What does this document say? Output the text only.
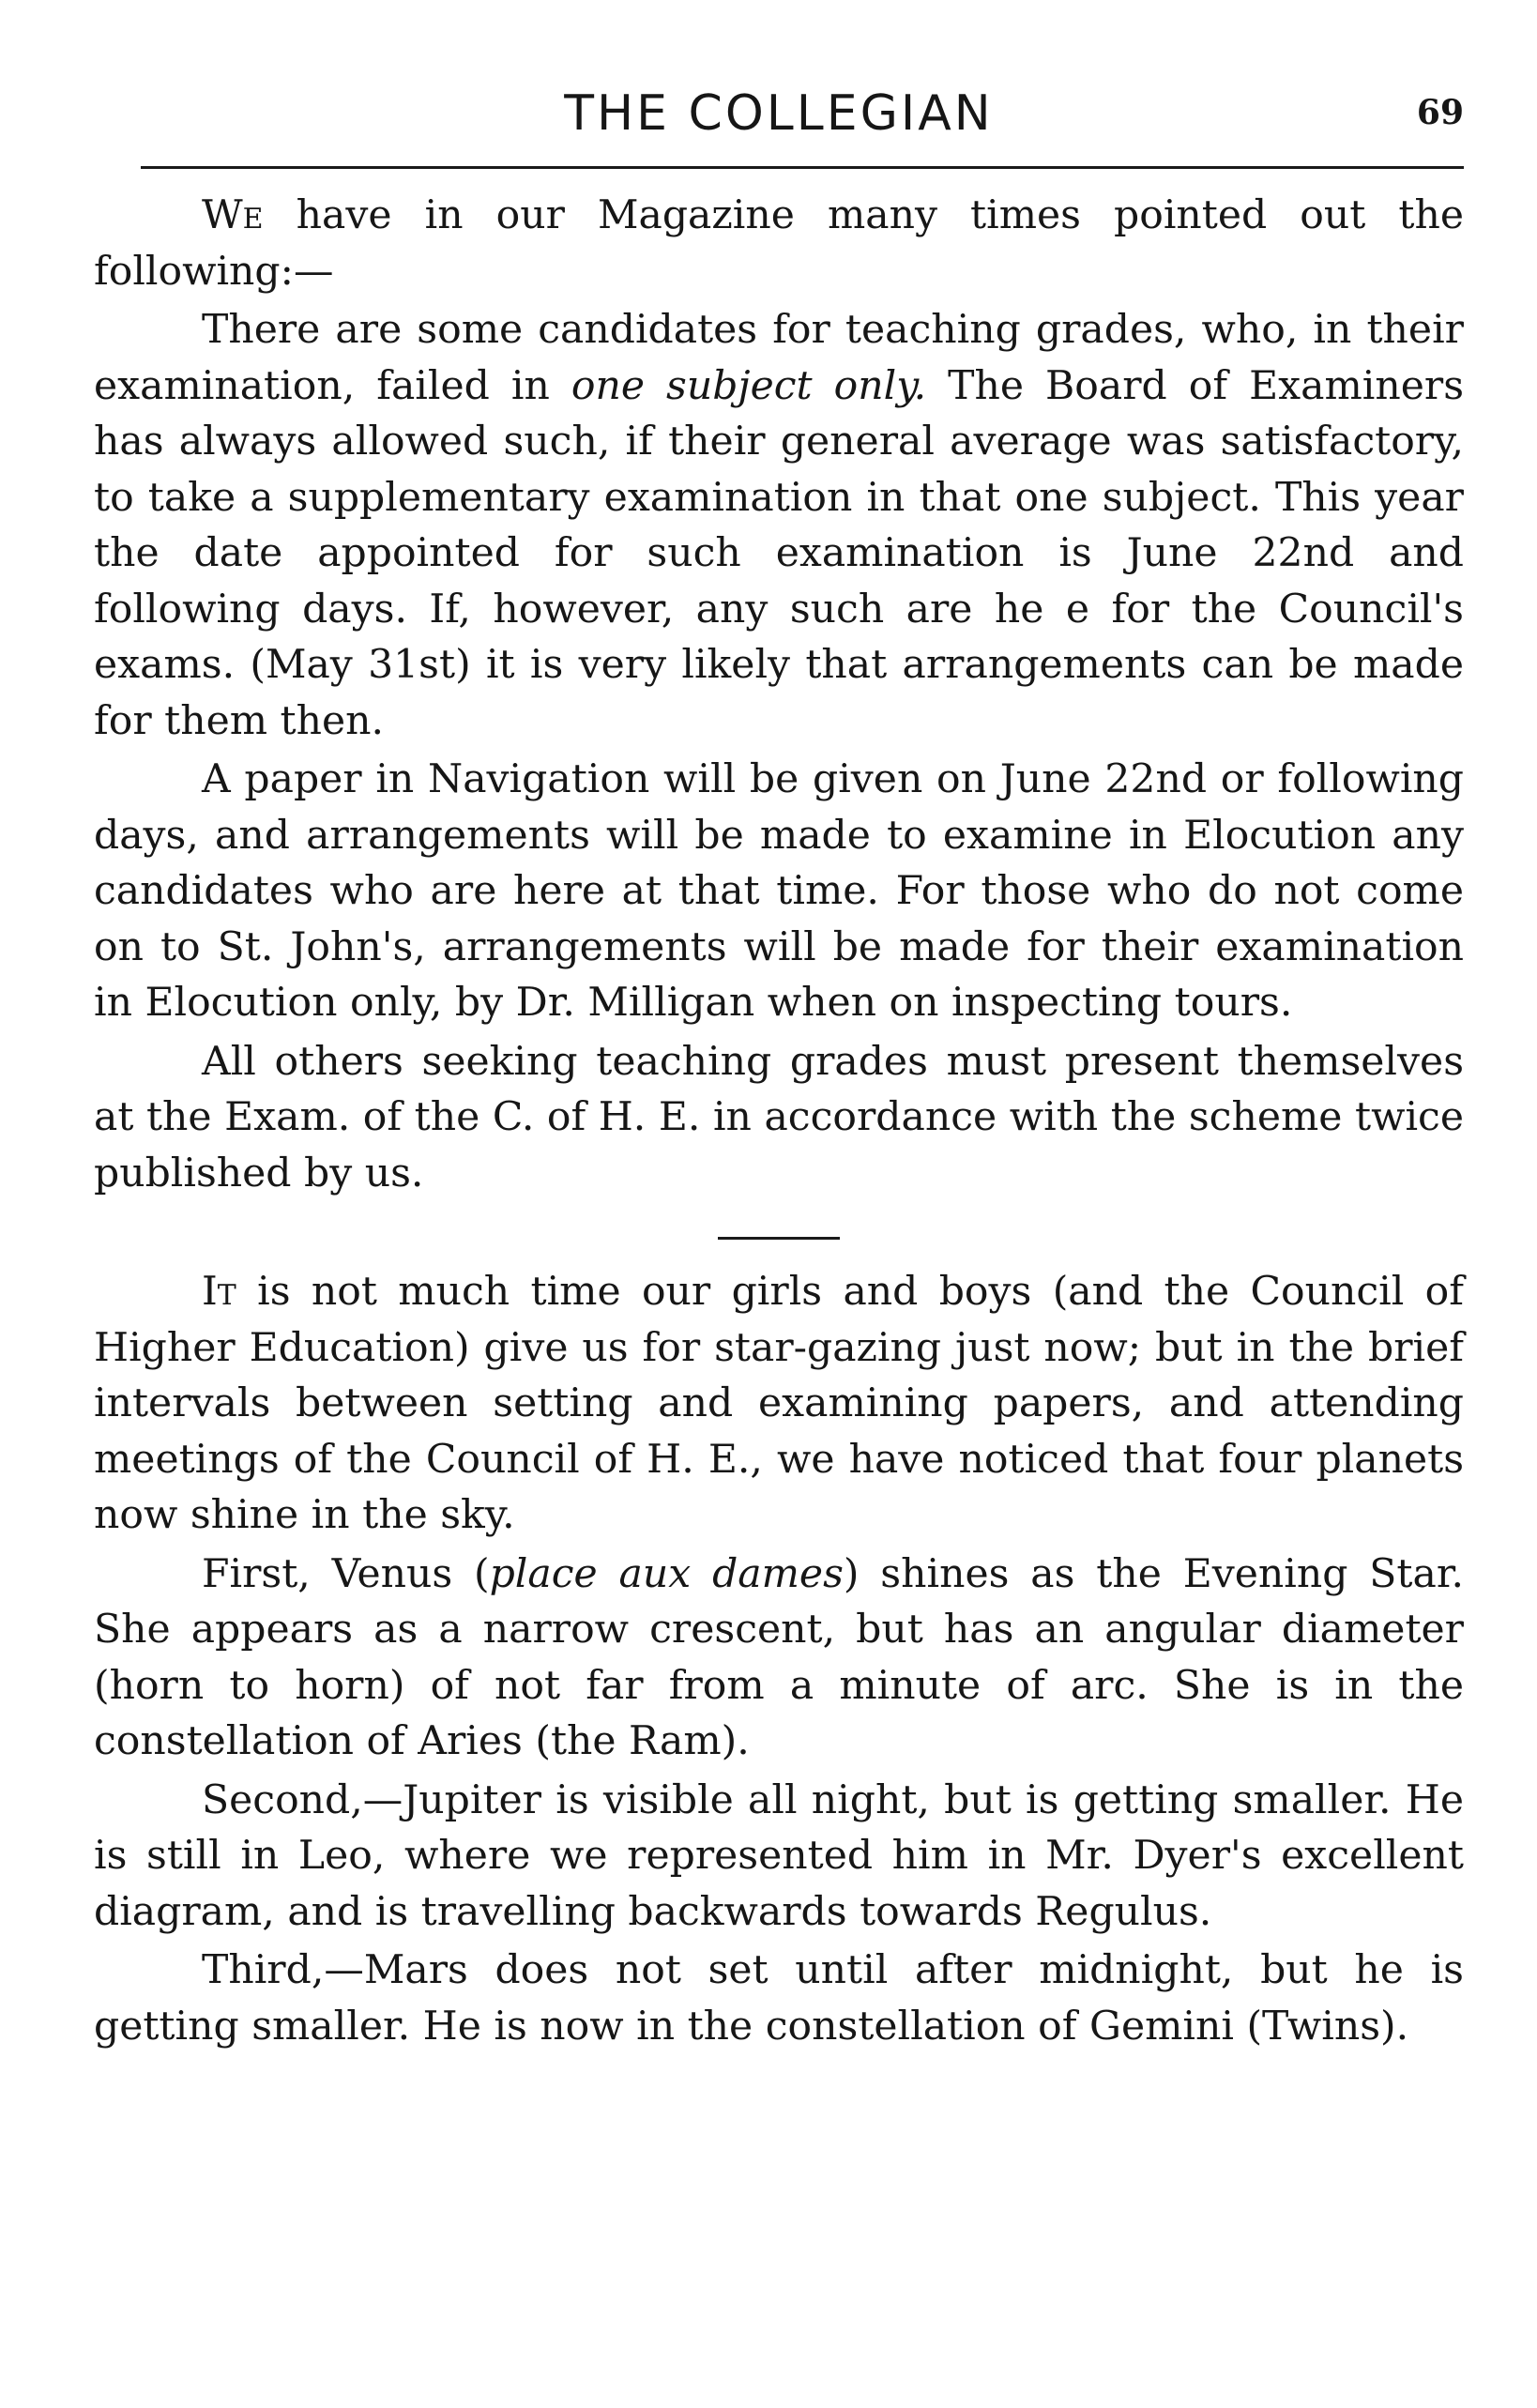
THE COLLEGIAN	69

We have in our Magazine many times pointed out the following:—

There are some candidates for teaching grades, who, in their examination, failed in one subject only. The Board of Examiners has always allowed such, if their general average was satisfactory, to take a supplementary examination in that one subject. This year the date appointed for such examination is June 22nd and following days. If, however, any such are he e for the Council's exams. (May 31st) it is very likely that arrangements can be made for them then.

A paper in Navigation will be given on June 22nd or following days, and arrangements will be made to examine in Elocution any candidates who are here at that time. For those who do not come on to St. John's, arrangements will be made for their examination in Elocution only, by Dr. Milligan when on inspecting tours.

All others seeking teaching grades must present themselves at the Exam. of the C. of H. E. in accordance with the scheme twice published by us.

It is not much time our girls and boys (and the Council of Higher Education) give us for star-gazing just now; but in the brief intervals between setting and examining papers, and attending meetings of the Council of H. E., we have noticed that four planets now shine in the sky.

First, Venus (place aux dames) shines as the Evening Star. She appears as a narrow crescent, but has an angular diameter (horn to horn) of not far from a minute of arc. She is in the constellation of Aries (the Ram).

Second,—Jupiter is visible all night, but is getting smaller. He is still in Leo, where we represented him in Mr. Dyer's excellent diagram, and is travelling backwards towards Regulus.

Third,—Mars does not set until after midnight, but he is getting smaller. He is now in the constellation of Gemini (Twins).
